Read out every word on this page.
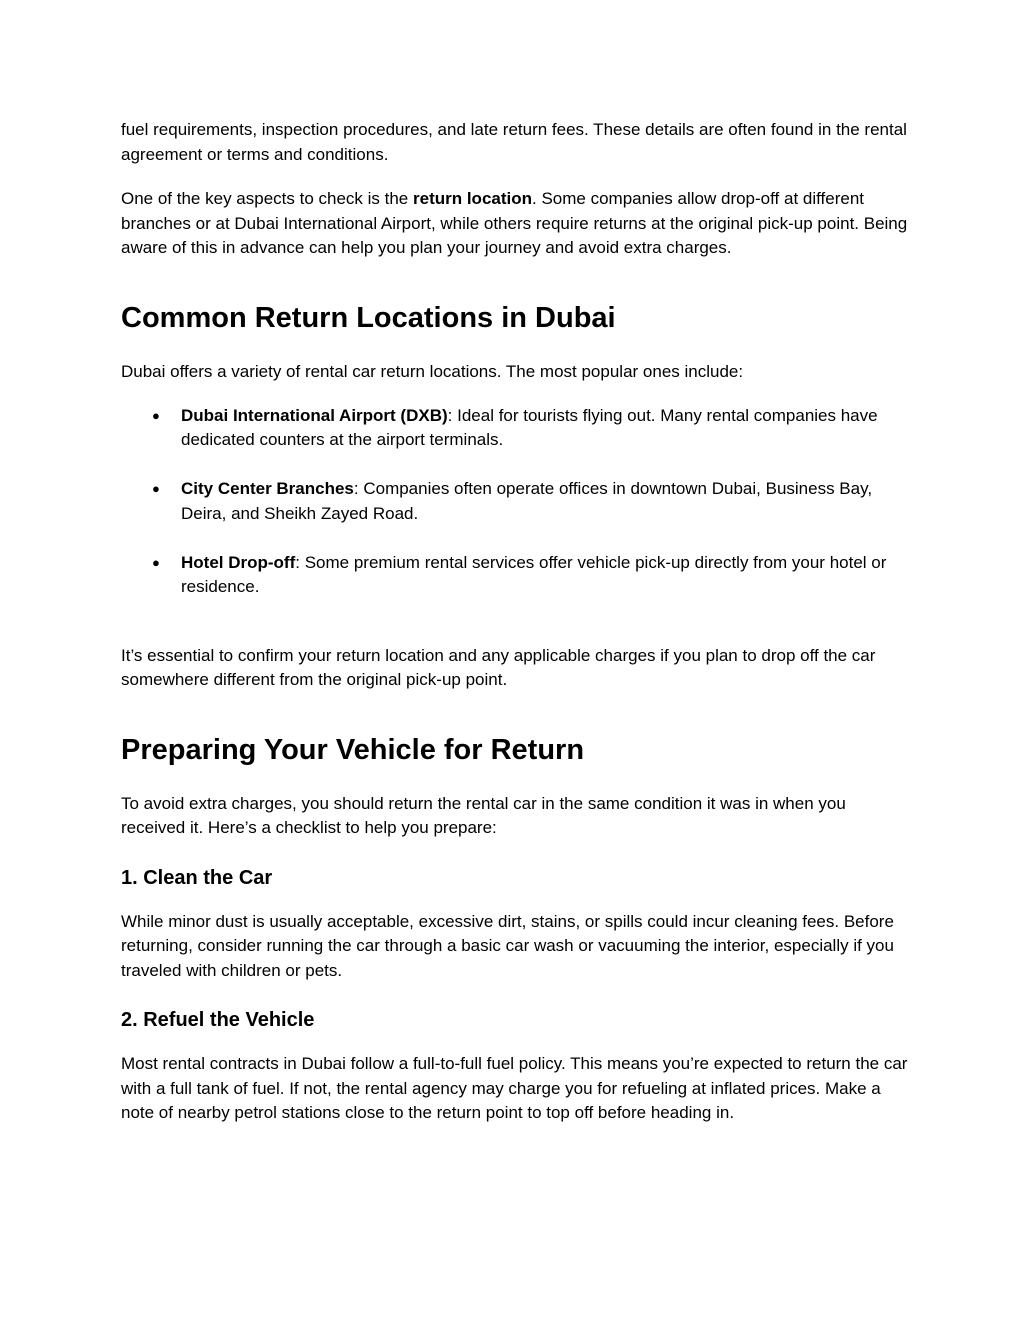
fuel requirements, inspection procedures, and late return fees. These details are often found in the rental agreement or terms and conditions.

One of the key aspects to check is the return location. Some companies allow drop-off at different branches or at Dubai International Airport, while others require returns at the original pick-up point. Being aware of this in advance can help you plan your journey and avoid extra charges.

Common Return Locations in Dubai

Dubai offers a variety of rental car return locations. The most popular ones include:

● Dubai International Airport (DXB): Ideal for tourists flying out. Many rental companies have dedicated counters at the airport terminals.
● City Center Branches: Companies often operate offices in downtown Dubai, Business Bay, Deira, and Sheikh Zayed Road.
● Hotel Drop-off: Some premium rental services offer vehicle pick-up directly from your hotel or residence.

It’s essential to confirm your return location and any applicable charges if you plan to drop off the car somewhere different from the original pick-up point.

Preparing Your Vehicle for Return

To avoid extra charges, you should return the rental car in the same condition it was in when you received it. Here’s a checklist to help you prepare:

1. Clean the Car

While minor dust is usually acceptable, excessive dirt, stains, or spills could incur cleaning fees. Before returning, consider running the car through a basic car wash or vacuuming the interior, especially if you traveled with children or pets.

2. Refuel the Vehicle

Most rental contracts in Dubai follow a full-to-full fuel policy. This means you’re expected to return the car with a full tank of fuel. If not, the rental agency may charge you for refueling at inflated prices. Make a note of nearby petrol stations close to the return point to top off before heading in.
